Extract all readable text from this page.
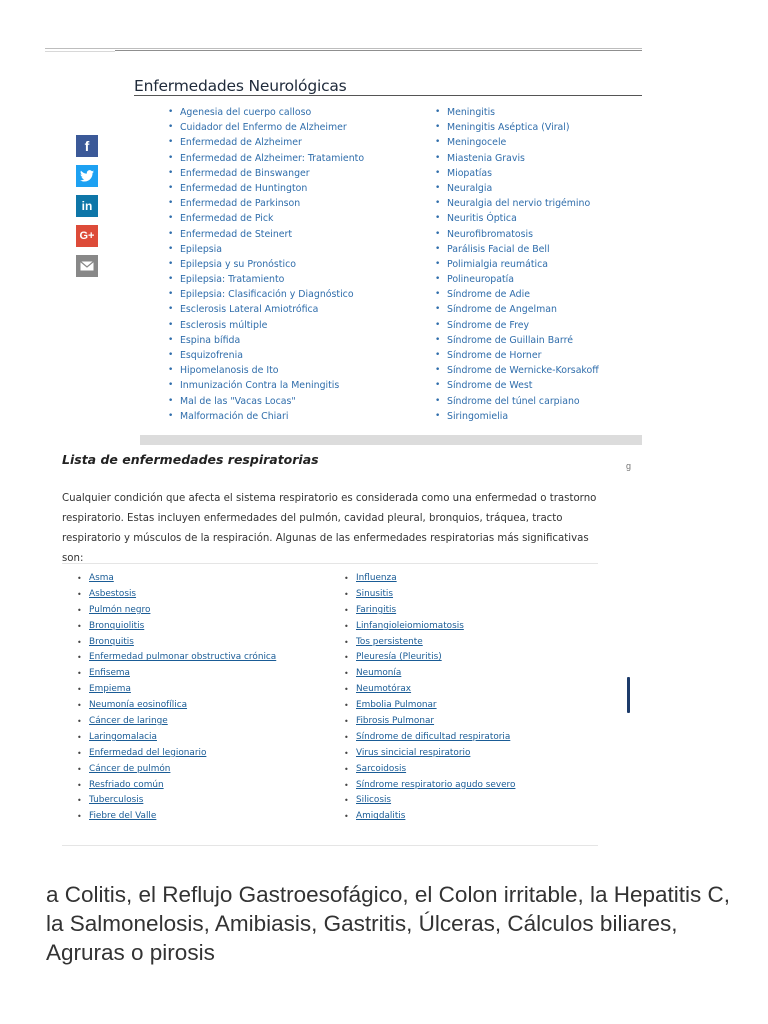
Enfermedades Neurológicas
f
in
G+
• Agenesia del cuerpo calloso
• Cuidador del Enfermo de Alzheimer
• Enfermedad de Alzheimer
• Enfermedad de Alzheimer: Tratamiento
• Enfermedad de Binswanger
• Enfermedad de Huntington
• Enfermedad de Parkinson
• Enfermedad de Pick
• Enfermedad de Steinert
• Epilepsia
• Epilepsia y su Pronóstico
• Epilepsia: Tratamiento
• Epilepsia: Clasificación y Diagnóstico
• Esclerosis Lateral Amiotrófica
• Esclerosis múltiple
• Espina bífida
• Esquizofrenia
• Hipomelanosis de Ito
• Inmunización Contra la Meningitis
• Mal de las "Vacas Locas"
• Malformación de Chiari
• Meningitis
• Meningitis Aséptica (Viral)
• Meningocele
• Miastenia Gravis
• Miopatías
• Neuralgia
• Neuralgia del nervio trigémino
• Neuritis Óptica
• Neurofibromatosis
• Parálisis Facial de Bell
• Polimialgia reumática
• Polineuropatía
• Síndrome de Adie
• Síndrome de Angelman
• Síndrome de Frey
• Síndrome de Guillain Barré
• Síndrome de Horner
• Síndrome de Wernicke-Korsakoff
• Síndrome de West
• Síndrome del túnel carpiano
• Siringomielia
Lista de enfermedades respiratorias	g
Cualquier condición que afecta el sistema respiratorio es considerada como una enfermedad o trastorno respiratorio. Estas incluyen enfermedades del pulmón, cavidad pleural, bronquios, tráquea, tracto respiratorio y músculos de la respiración. Algunas de las enfermedades respiratorias más significativas son:
• Asma
• Asbestosis
• Pulmón negro
• Bronquiolitis
• Bronquitis
• Enfermedad pulmonar obstructiva crónica
• Enfisema
• Empiema
• Neumonía eosinofílica
• Cáncer de laringe
• Laringomalacia
• Enfermedad del legionario
• Cáncer de pulmón
• Resfriado común
• Tuberculosis
• Fiebre del Valle
• Influenza
• Sinusitis
• Faringitis
• Linfangioleiomiomatosis
• Tos persistente
• Pleuresía (Pleuritis)
• Neumonía
• Neumotórax
• Embolia Pulmonar
• Fibrosis Pulmonar
• Síndrome de dificultad respiratoria
• Virus sincicial respiratorio
• Sarcoidosis
• Síndrome respiratorio agudo severo
• Silicosis
• Amigdalitis
a Colitis, el Reflujo Gastroesofágico, el Colon irritable, la Hepatitis C, la Salmonelosis, Amibiasis, Gastritis, Úlceras, Cálculos biliares, Agruras o pirosis
